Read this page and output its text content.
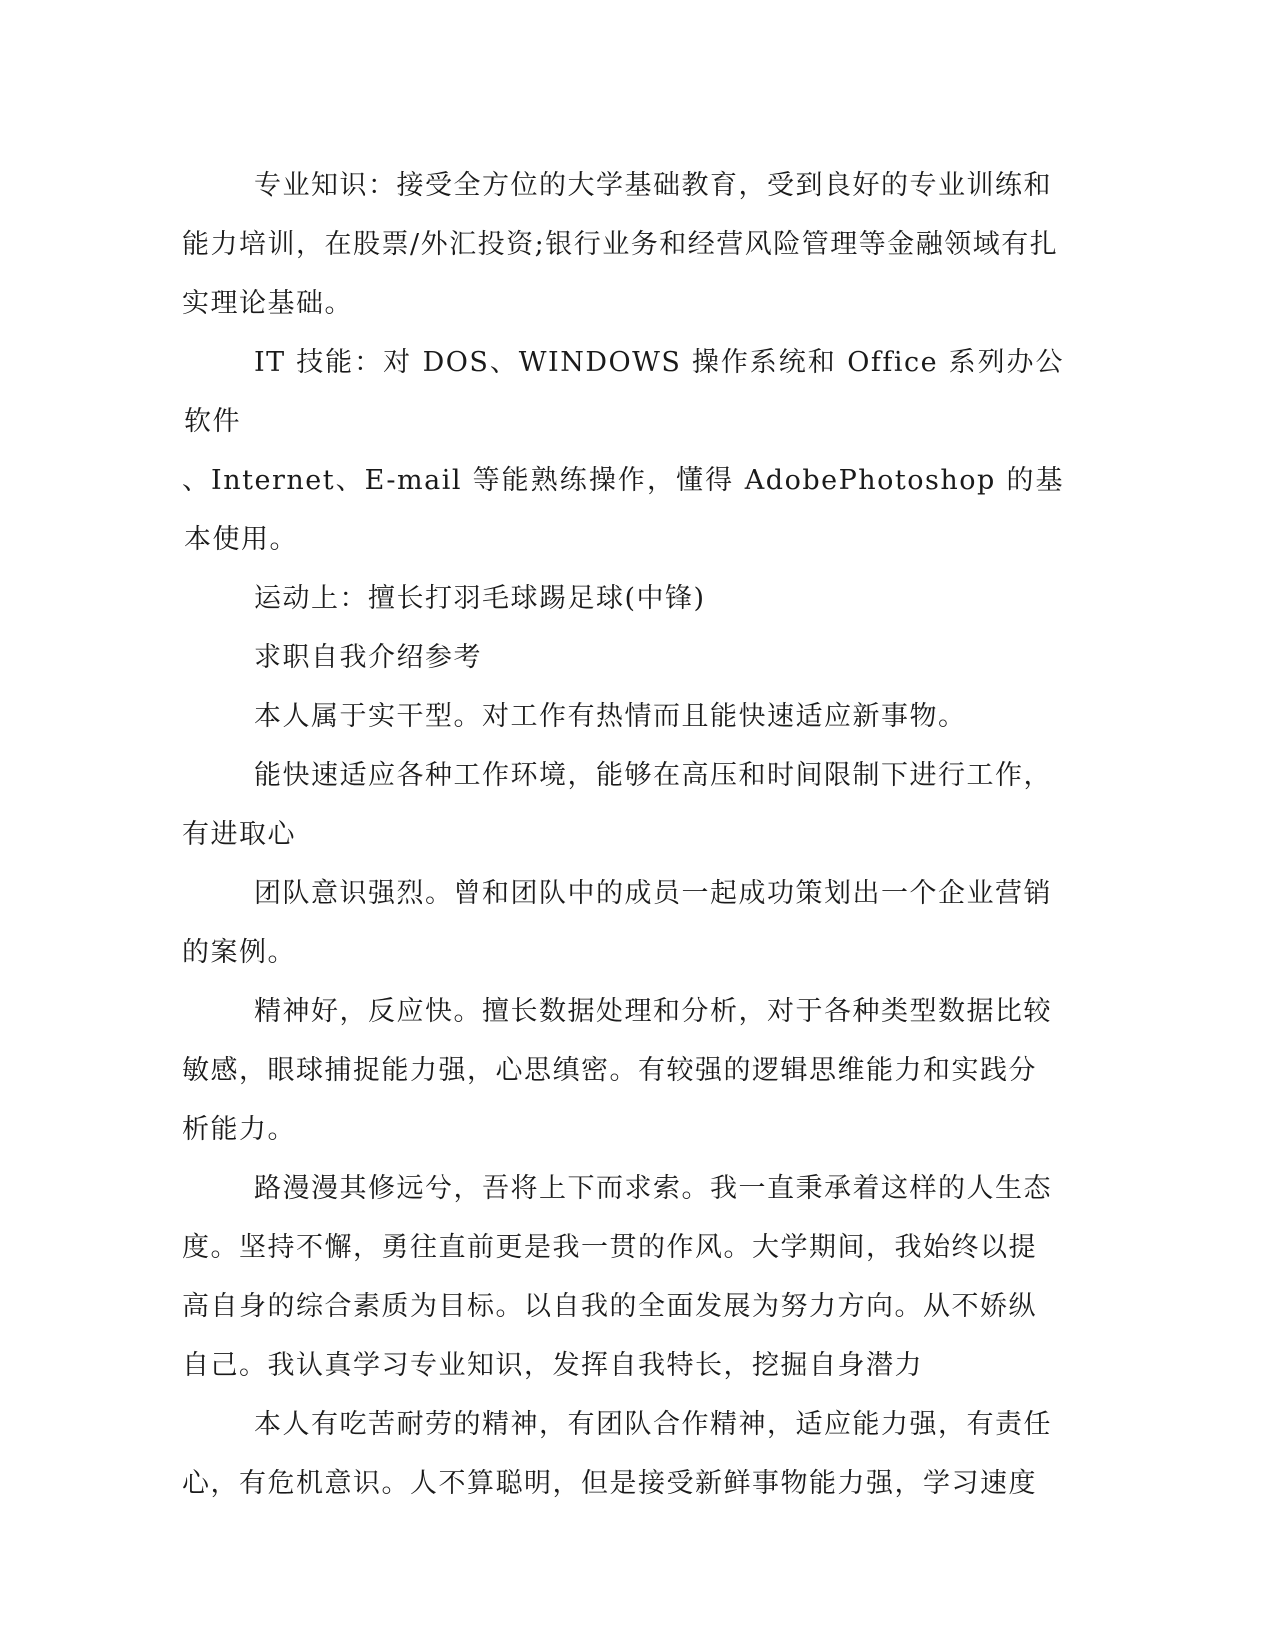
专业知识：接受全方位的大学基础教育，受到良好的专业训练和
能力培训，在股票/外汇投资;银行业务和经营风险管理等金融领域有扎
实理论基础。
IT 技能：对 DOS、WINDOWS 操作系统和 Office 系列办公软件
、Internet、E-mail 等能熟练操作，懂得 AdobePhotoshop 的基本使用。
运动上：擅长打羽毛球踢足球(中锋)
求职自我介绍参考
本人属于实干型。对工作有热情而且能快速适应新事物。
能快速适应各种工作环境，能够在高压和时间限制下进行工作，
有进取心
团队意识强烈。曾和团队中的成员一起成功策划出一个企业营销
的案例。
精神好，反应快。擅长数据处理和分析，对于各种类型数据比较
敏感，眼球捕捉能力强，心思缜密。有较强的逻辑思维能力和实践分
析能力。
路漫漫其修远兮，吾将上下而求索。我一直秉承着这样的人生态
度。坚持不懈，勇往直前更是我一贯的作风。大学期间，我始终以提
高自身的综合素质为目标。以自我的全面发展为努力方向。从不娇纵
自己。我认真学习专业知识，发挥自我特长，挖掘自身潜力
本人有吃苦耐劳的精神，有团队合作精神，适应能力强，有责任
心，有危机意识。人不算聪明，但是接受新鲜事物能力强，学习速度
